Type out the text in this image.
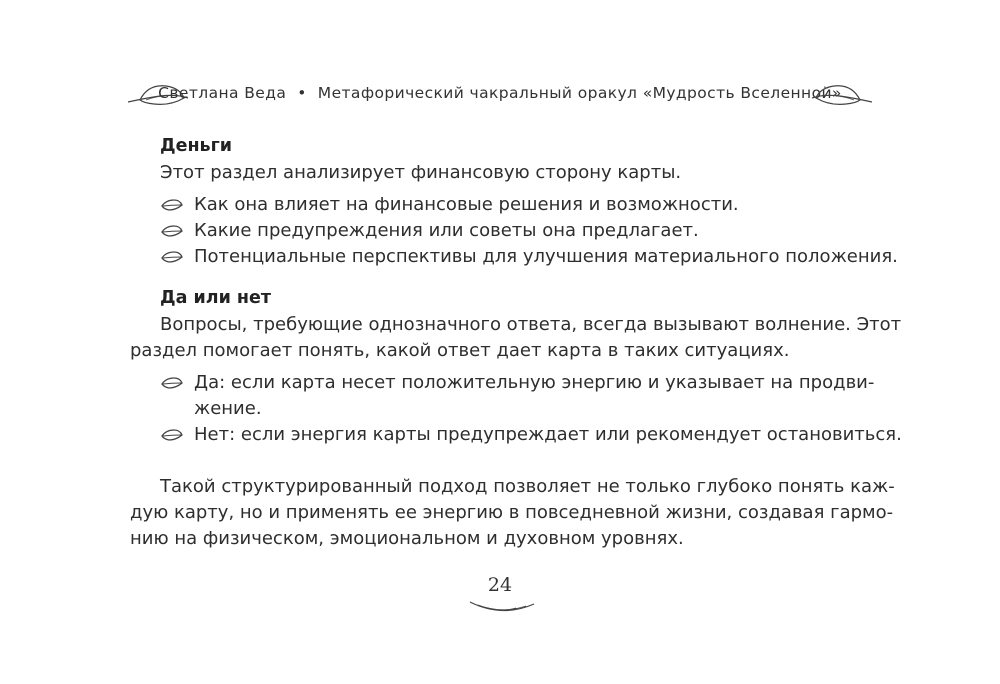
Светлана Веда • Метафорический чакральный оракул «Мудрость Вселенной»
Деньги
Этот раздел анализирует финансовую сторону карты.
Как она влияет на финансовые решения и возможности.
Какие предупреждения или советы она предлагает.
Потенциальные перспективы для улучшения материального положения.
Да или нет
Вопросы, требующие однозначного ответа, всегда вызывают волнение. Этот
раздел помогает понять, какой ответ дает карта в таких ситуациях.
Да: если карта несет положительную энергию и указывает на продви-
жение.
Нет: если энергия карты предупреждает или рекомендует остановиться.
Такой структурированный подход позволяет не только глубоко понять каж-
дую карту, но и применять ее энергию в повседневной жизни, создавая гармо-
нию на физическом, эмоциональном и духовном уровнях.
24
